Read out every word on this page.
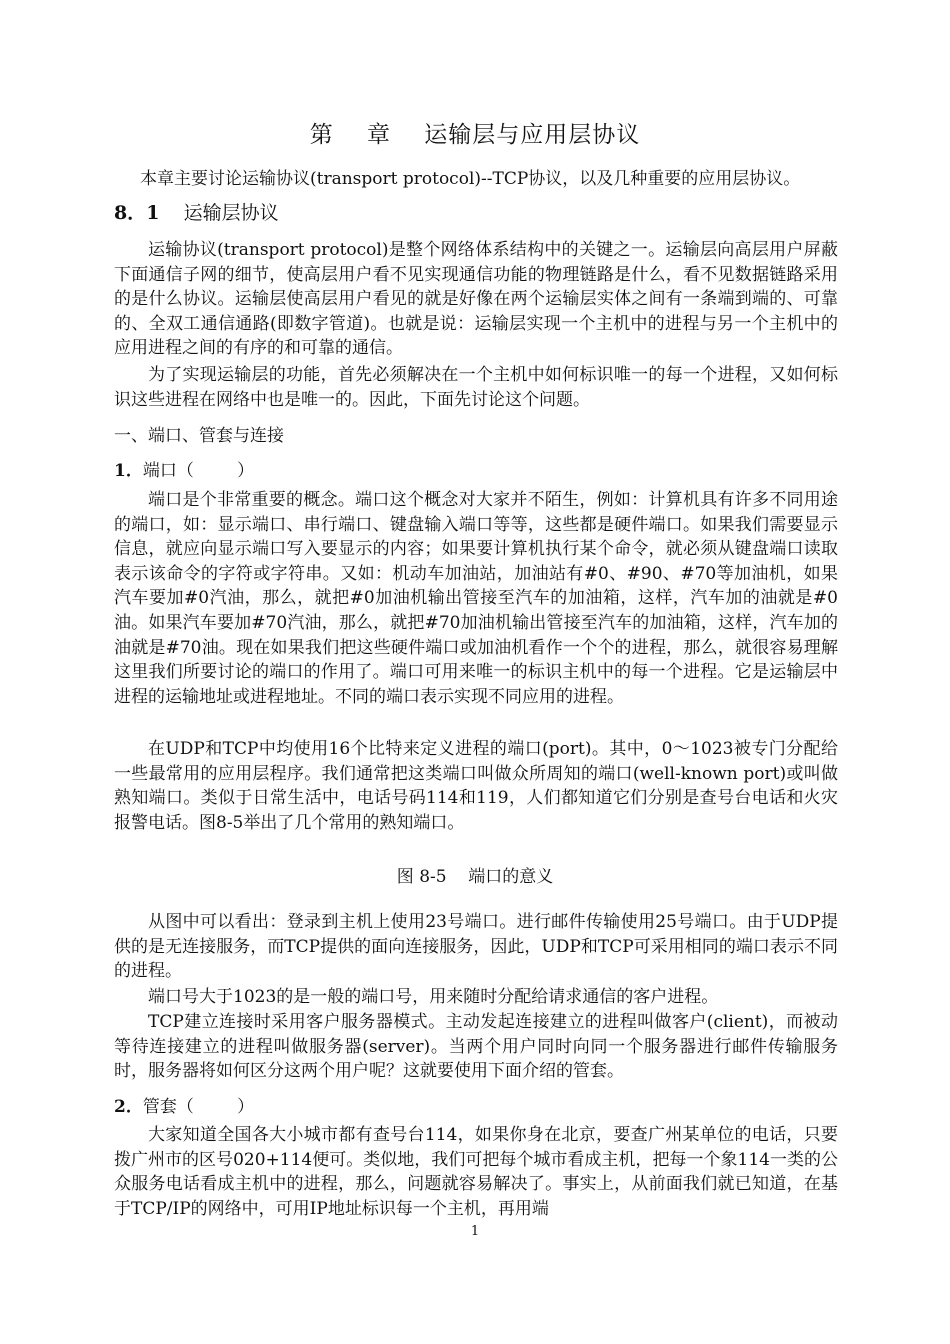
第    章    运输层与应用层协议
本章主要讨论运输协议(transport protocol)--TCP协议，以及几种重要的应用层协议。
8．1 运输层协议
运输协议(transport protocol)是整个网络体系结构中的关键之一。运输层向高层用户屏蔽下面通信子网的细节，使高层用户看不见实现通信功能的物理链路是什么，看不见数据链路采用的是什么协议。运输层使高层用户看见的就是好像在两个运输层实体之间有一条端到端的、可靠的、全双工通信通路(即数字管道)。也就是说：运输层实现一个主机中的进程与另一个主机中的应用进程之间的有序的和可靠的通信。
为了实现运输层的功能，首先必须解决在一个主机中如何标识唯一的每一个进程，又如何标识这些进程在网络中也是唯一的。因此，下面先讨论这个问题。
一、端口、管套与连接
1．端口（        ）
端口是个非常重要的概念。端口这个概念对大家并不陌生，例如：计算机具有许多不同用途的端口，如：显示端口、串行端口、键盘输入端口等等，这些都是硬件端口。如果我们需要显示信息，就应向显示端口写入要显示的内容；如果要计算机执行某个命令，就必须从键盘端口读取表示该命令的字符或字符串。又如：机动车加油站，加油站有#0、#90、#70等加油机，如果汽车要加#0汽油，那么，就把#0加油机输出管接至汽车的加油箱，这样，汽车加的油就是#0油。如果汽车要加#70汽油，那么，就把#70加油机输出管接至汽车的加油箱，这样，汽车加的油就是#70油。现在如果我们把这些硬件端口或加油机看作一个个的进程，那么，就很容易理解这里我们所要讨论的端口的作用了。端口可用来唯一的标识主机中的每一个进程。它是运输层中进程的运输地址或进程地址。不同的端口表示实现不同应用的进程。
在UDP和TCP中均使用16个比特来定义进程的端口(port)。其中，0～1023被专门分配给一些最常用的应用层程序。我们通常把这类端口叫做众所周知的端口(well-known port)或叫做熟知端口。类似于日常生活中，电话号码114和119，人们都知道它们分别是查号台电话和火灾报警电话。图8-5举出了几个常用的熟知端口。
图 8-5    端口的意义
从图中可以看出：登录到主机上使用23号端口。进行邮件传输使用25号端口。由于UDP提供的是无连接服务，而TCP提供的面向连接服务，因此，UDP和TCP可采用相同的端口表示不同的进程。
端口号大于1023的是一般的端口号，用来随时分配给请求通信的客户进程。
TCP建立连接时采用客户服务器模式。主动发起连接建立的进程叫做客户(client)，而被动等待连接建立的进程叫做服务器(server)。当两个用户同时向同一个服务器进行邮件传输服务时，服务器将如何区分这两个用户呢？这就要使用下面介绍的管套。
2．管套（        ）
大家知道全国各大小城市都有查号台114，如果你身在北京，要查广州某单位的电话，只要拨广州市的区号020+114便可。类似地，我们可把每个城市看成主机，把每一个象114一类的公众服务电话看成主机中的进程，那么，问题就容易解决了。事实上，从前面我们就已知道，在基于TCP/IP的网络中，可用IP地址标识每一个主机，再用端
1
